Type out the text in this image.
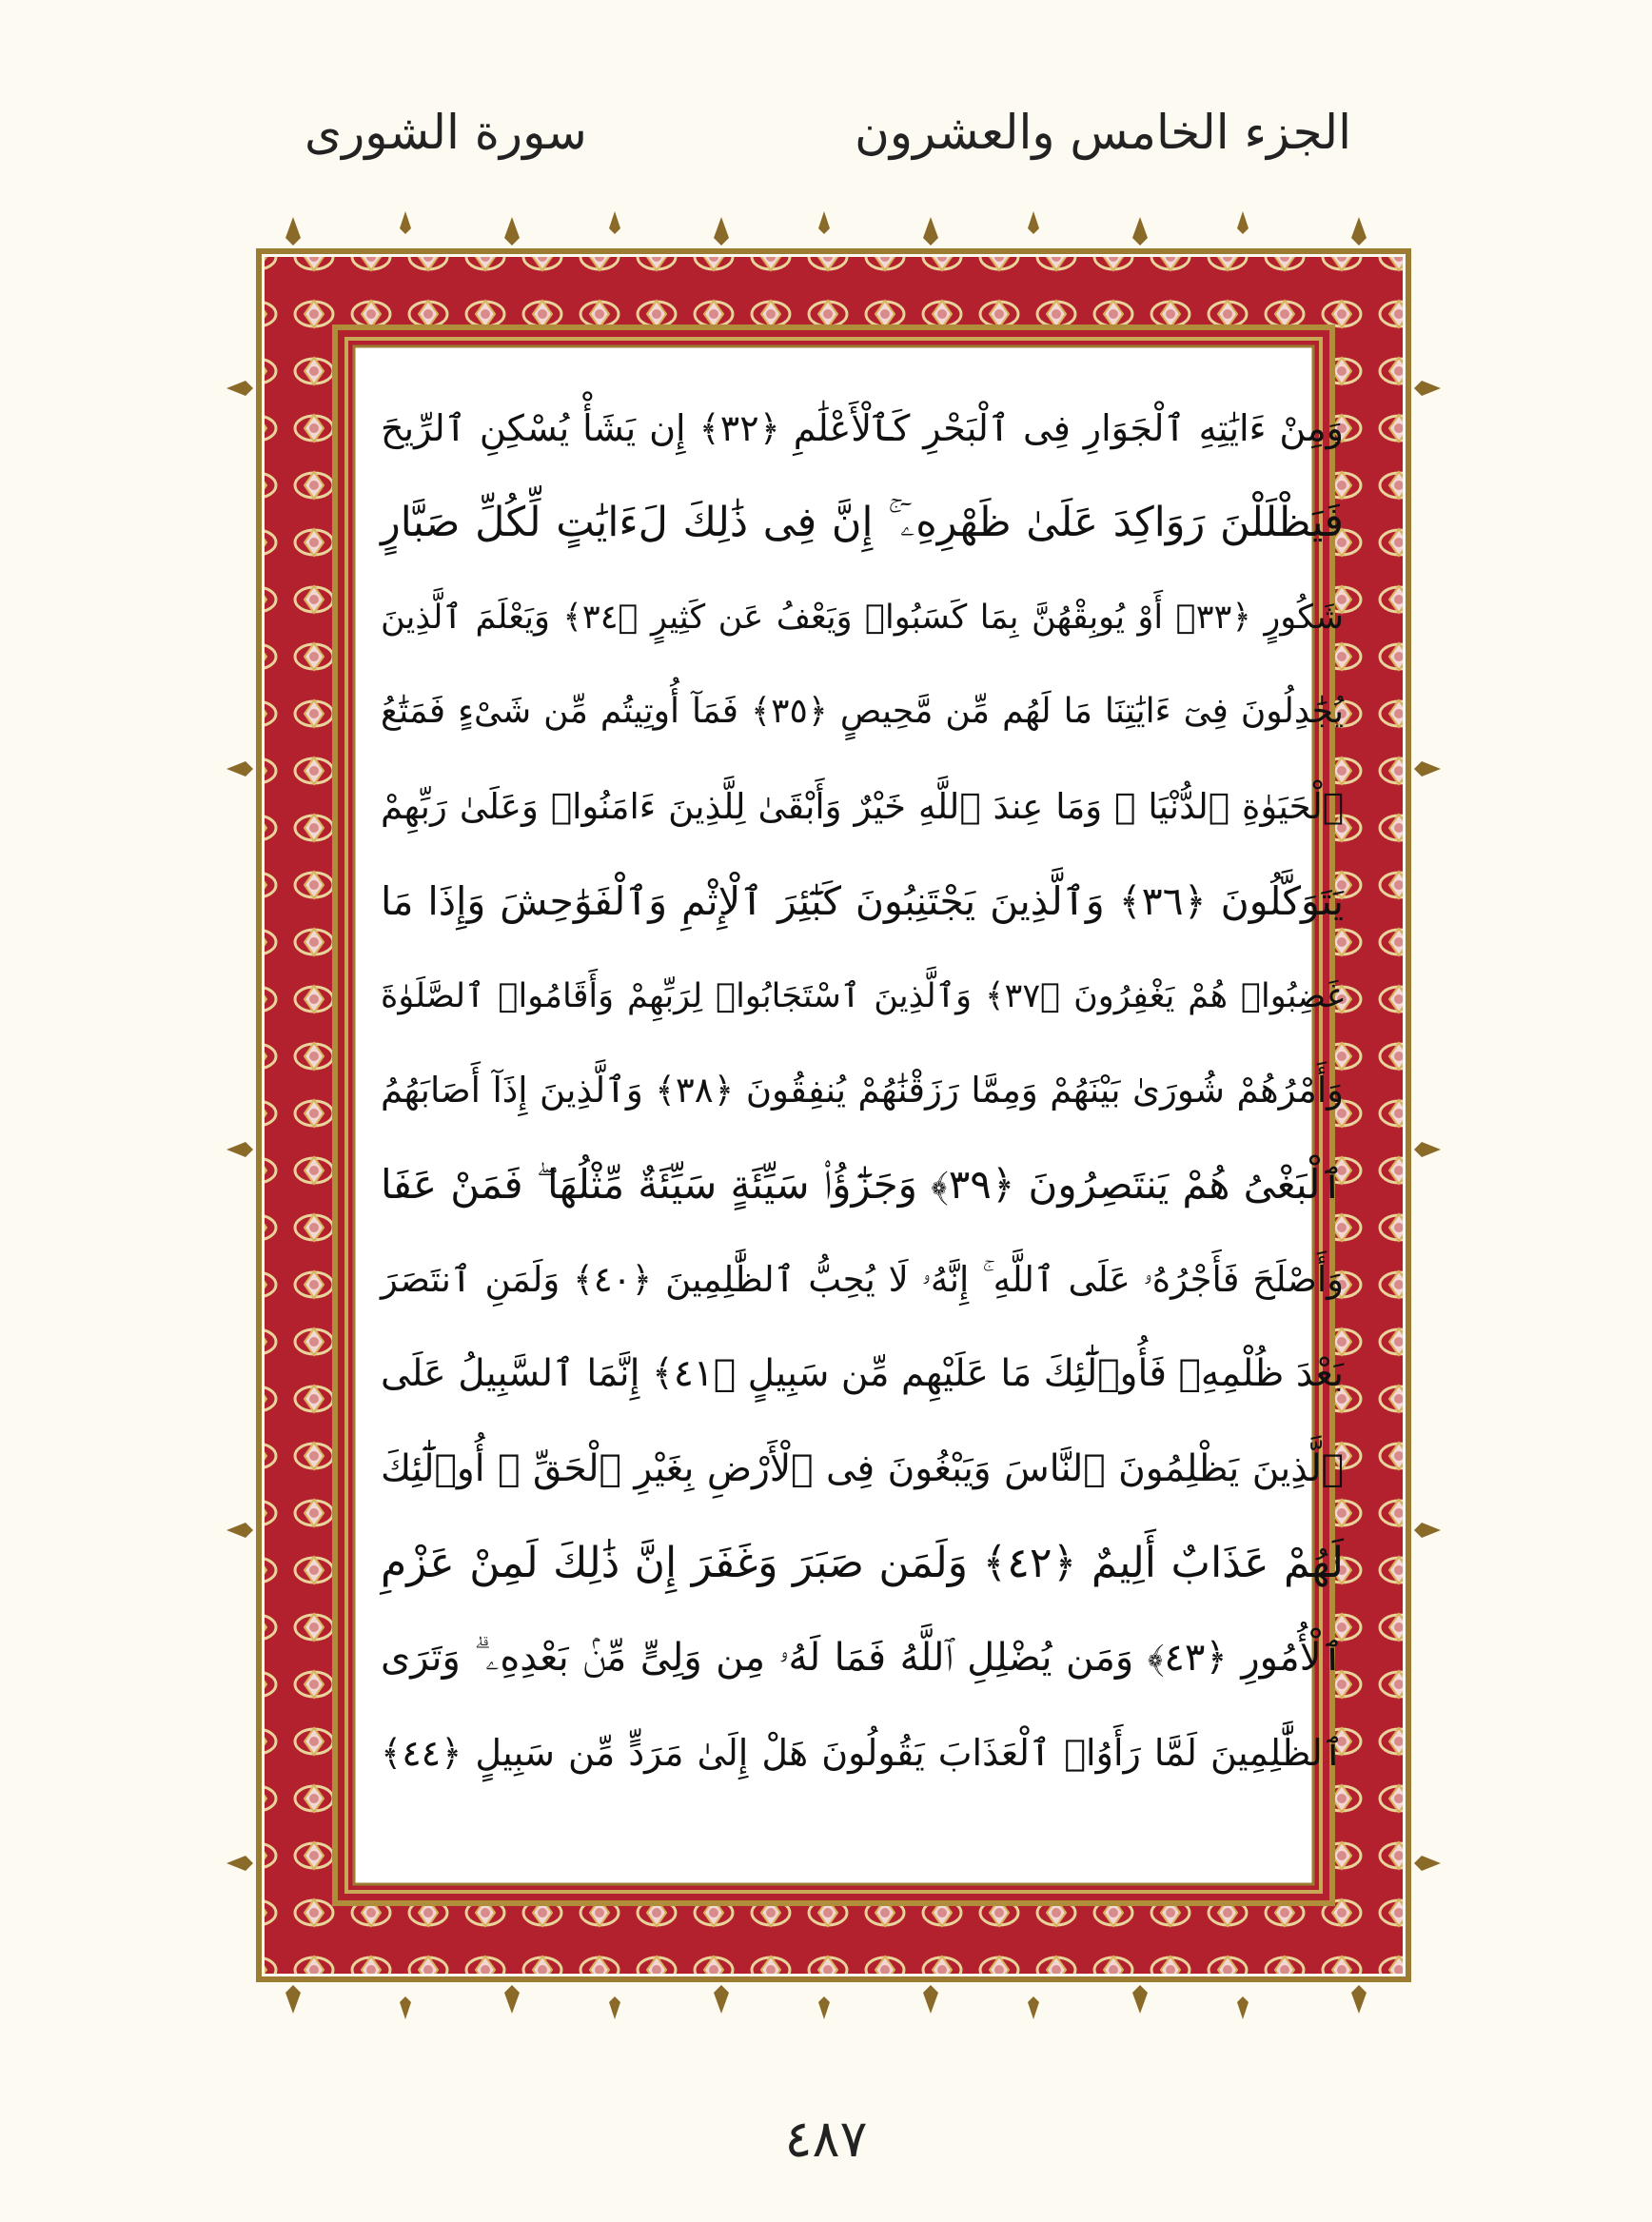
الجزء الخامس والعشرون
سورة الشورى
وَمِنْ ءَايَٰتِهِ ٱلْجَوَارِ فِى ٱلْبَحْرِ كَٱلْأَعْلَٰمِ ﴿٣٢﴾ إِن يَشَأْ يُسْكِنِ ٱلرِّيحَ
فَيَظْلَلْنَ رَوَاكِدَ عَلَىٰ ظَهْرِهِۦٓ ۚ إِنَّ فِى ذَٰلِكَ لَءَايَٰتٍ لِّكُلِّ صَبَّارٍ
شَكُورٍ ﴿٣٣﴾ أَوْ يُوبِقْهُنَّ بِمَا كَسَبُوا۟ وَيَعْفُ عَن كَثِيرٍ ﴿٣٤﴾ وَيَعْلَمَ ٱلَّذِينَ
يُجَٰدِلُونَ فِىٓ ءَايَٰتِنَا مَا لَهُم مِّن مَّحِيصٍ ﴿٣٥﴾ فَمَآ أُوتِيتُم مِّن شَىْءٍ فَمَتَٰعُ
ٱلْحَيَوٰةِ ٱلدُّنْيَا ۖ وَمَا عِندَ ٱللَّهِ خَيْرٌ وَأَبْقَىٰ لِلَّذِينَ ءَامَنُوا۟ وَعَلَىٰ رَبِّهِمْ
يَتَوَكَّلُونَ ﴿٣٦﴾ وَٱلَّذِينَ يَجْتَنِبُونَ كَبَٰٓئِرَ ٱلْإِثْمِ وَٱلْفَوَٰحِشَ وَإِذَا مَا
غَضِبُوا۟ هُمْ يَغْفِرُونَ ﴿٣٧﴾ وَٱلَّذِينَ ٱسْتَجَابُوا۟ لِرَبِّهِمْ وَأَقَامُوا۟ ٱلصَّلَوٰةَ
وَأَمْرُهُمْ شُورَىٰ بَيْنَهُمْ وَمِمَّا رَزَقْنَٰهُمْ يُنفِقُونَ ﴿٣٨﴾ وَٱلَّذِينَ إِذَآ أَصَابَهُمُ
ٱلْبَغْىُ هُمْ يَنتَصِرُونَ ﴿٣٩﴾ وَجَزَٰٓؤُا۟ سَيِّئَةٍ سَيِّئَةٌ مِّثْلُهَا ۖ فَمَنْ عَفَا
وَأَصْلَحَ فَأَجْرُهُۥ عَلَى ٱللَّهِ ۚ إِنَّهُۥ لَا يُحِبُّ ٱلظَّٰلِمِينَ ﴿٤٠﴾ وَلَمَنِ ٱنتَصَرَ
بَعْدَ ظُلْمِهِۦ فَأُو۟لَٰٓئِكَ مَا عَلَيْهِم مِّن سَبِيلٍ ﴿٤١﴾ إِنَّمَا ٱلسَّبِيلُ عَلَى
ٱلَّذِينَ يَظْلِمُونَ ٱلنَّاسَ وَيَبْغُونَ فِى ٱلْأَرْضِ بِغَيْرِ ٱلْحَقِّ ۚ أُو۟لَٰٓئِكَ
لَهُمْ عَذَابٌ أَلِيمٌ ﴿٤٢﴾ وَلَمَن صَبَرَ وَغَفَرَ إِنَّ ذَٰلِكَ لَمِنْ عَزْمِ
ٱلْأُمُورِ ﴿٤٣﴾ وَمَن يُضْلِلِ ٱللَّهُ فَمَا لَهُۥ مِن وَلِىٍّ مِّنۢ بَعْدِهِۦ ۗ وَتَرَى
ٱلظَّٰلِمِينَ لَمَّا رَأَوُا۟ ٱلْعَذَابَ يَقُولُونَ هَلْ إِلَىٰ مَرَدٍّ مِّن سَبِيلٍ ﴿٤٤﴾
٤٨٧
